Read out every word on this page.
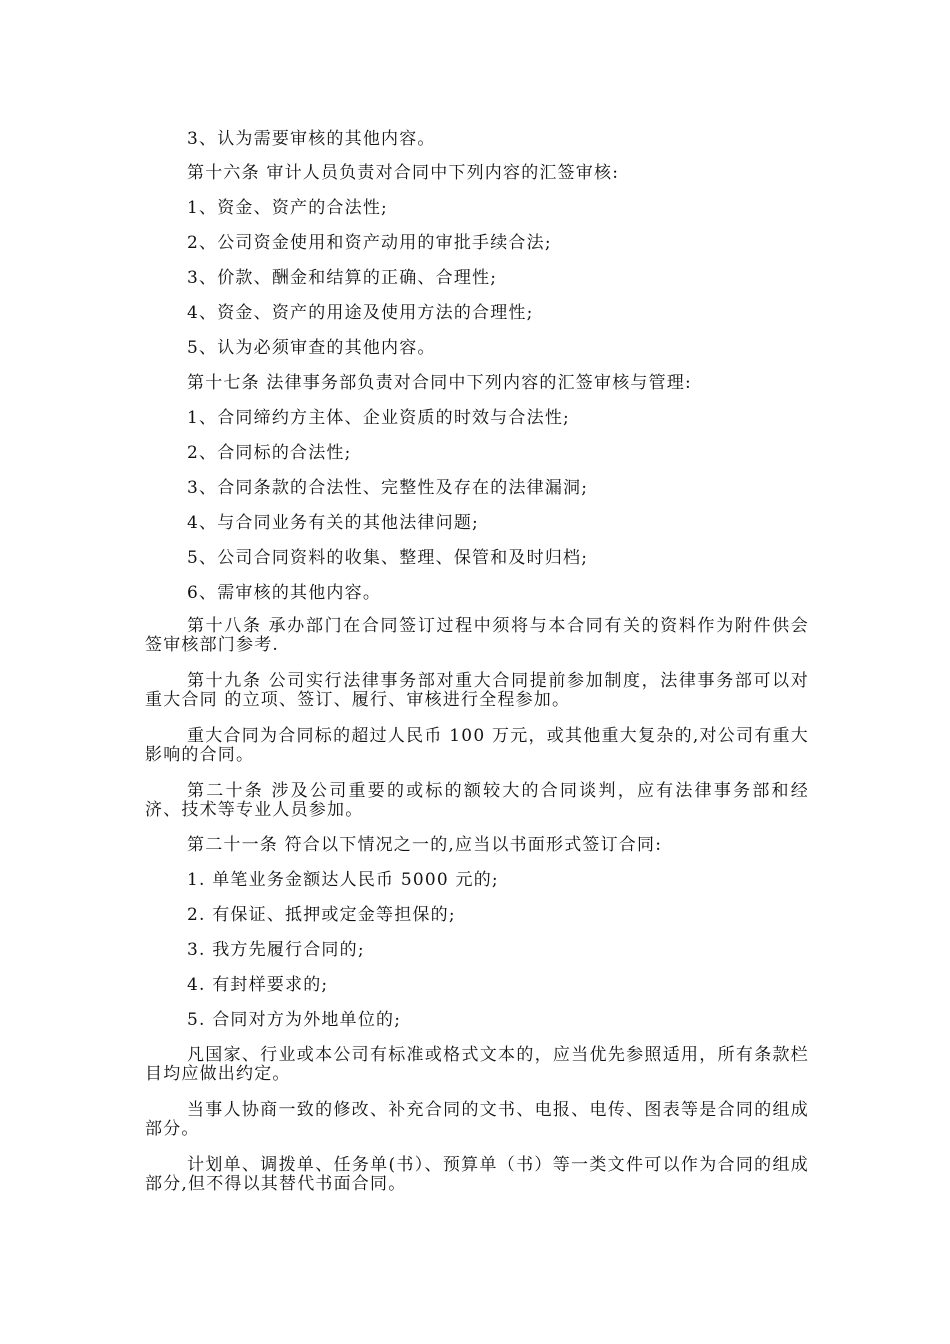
3、认为需要审核的其他内容。
第十六条 审计人员负责对合同中下列内容的汇签审核:
1、资金、资产的合法性;
2、公司资金使用和资产动用的审批手续合法;
3、价款、酬金和结算的正确、合理性;
4、资金、资产的用途及使用方法的合理性;
5、认为必须审查的其他内容。
第十七条 法律事务部负责对合同中下列内容的汇签审核与管理:
1、合同缔约方主体、企业资质的时效与合法性;
2、合同标的合法性;
3、合同条款的合法性、完整性及存在的法律漏洞;
4、与合同业务有关的其他法律问题;
5、公司合同资料的收集、整理、保管和及时归档;
6、需审核的其他内容。
第十八条 承办部门在合同签订过程中须将与本合同有关的资料作为附件供会签审核部门参考.
第十九条 公司实行法律事务部对重大合同提前参加制度，法律事务部可以对重大合同 的立项、签订、履行、审核进行全程参加。
重大合同为合同标的超过人民币 100 万元，或其他重大复杂的,对公司有重大影响的合同。
第二十条 涉及公司重要的或标的额较大的合同谈判，应有法律事务部和经济、技术等专业人员参加。
第二十一条 符合以下情况之一的,应当以书面形式签订合同:
1. 单笔业务金额达人民币 5000 元的;
2. 有保证、抵押或定金等担保的;
3. 我方先履行合同的;
4. 有封样要求的;
5. 合同对方为外地单位的;
凡国家、行业或本公司有标准或格式文本的，应当优先参照适用，所有条款栏目均应做出约定。
当事人协商一致的修改、补充合同的文书、电报、电传、图表等是合同的组成部分。
计划单、调拨单、任务单(书）、预算单（书）等一类文件可以作为合同的组成部分,但不得以其替代书面合同。
